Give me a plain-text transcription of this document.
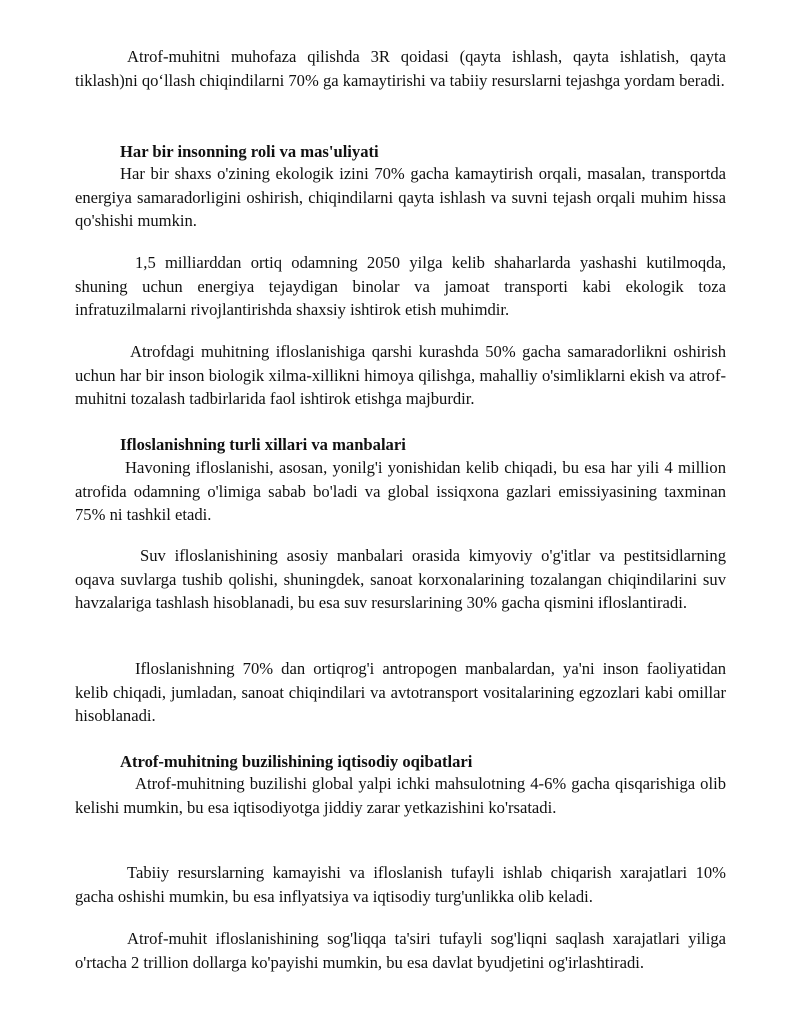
Atrof-muhitni muhofaza qilishda 3R qoidasi (qayta ishlash, qayta ishlatish, qayta tiklash)ni qo‘llash chiqindilarni 70% ga kamaytirishi va tabiiy resurslarni tejashga yordam beradi.

Har bir insonning roli va mas'uliyati

Har bir shaxs o'zining ekologik izini 70% gacha kamaytirish orqali, masalan, transportda energiya samaradorligini oshirish, chiqindilarni qayta ishlash va suvni tejash orqali muhim hissa qo'shishi mumkin.

1,5 milliarddan ortiq odamning 2050 yilga kelib shaharlarda yashashi kutilmoqda, shuning uchun energiya tejaydigan binolar va jamoat transporti kabi ekologik toza infratuzilmalarni rivojlantirishda shaxsiy ishtirok etish muhimdir.

Atrofdagi muhitning ifloslanishiga qarshi kurashda 50% gacha samaradorlikni oshirish uchun har bir inson biologik xilma-xillikni himoya qilishga, mahalliy o'simliklarni ekish va atrof-muhitni tozalash tadbirlarida faol ishtirok etishga majburdir.

Ifloslanishning turli xillari va manbalari

Havoning ifloslanishi, asosan, yonilg'i yonishidan kelib chiqadi, bu esa har yili 4 million atrofida odamning o'limiga sabab bo'ladi va global issiqxona gazlari emissiyasining taxminan 75% ni tashkil etadi.

Suv ifloslanishining asosiy manbalari orasida kimyoviy o'g'itlar va pestitsidlarning oqava suvlarga tushib qolishi, shuningdek, sanoat korxonalarining tozalangan chiqindilarini suv havzalariga tashlash hisoblanadi, bu esa suv resurslarining 30% gacha qismini ifloslantiradi.

Ifloslanishning 70% dan ortiqrog'i antropogen manbalardan, ya'ni inson faoliyatidan kelib chiqadi, jumladan, sanoat chiqindilari va avtotransport vositalarining egzozlari kabi omillar hisoblanadi.

Atrof-muhitning buzilishining iqtisodiy oqibatlari

Atrof-muhitning buzilishi global yalpi ichki mahsulotning 4-6% gacha qisqarishiga olib kelishi mumkin, bu esa iqtisodiyotga jiddiy zarar yetkazishini ko'rsatadi.

Tabiiy resurslarning kamayishi va ifloslanish tufayli ishlab chiqarish xarajatlari 10% gacha oshishi mumkin, bu esa inflyatsiya va iqtisodiy turg'unlikka olib keladi.

Atrof-muhit ifloslanishining sog'liqqa ta'siri tufayli sog'liqni saqlash xarajatlari yiliga o'rtacha 2 trillion dollarga ko'payishi mumkin, bu esa davlat byudjetini og'irlashtiradi.
